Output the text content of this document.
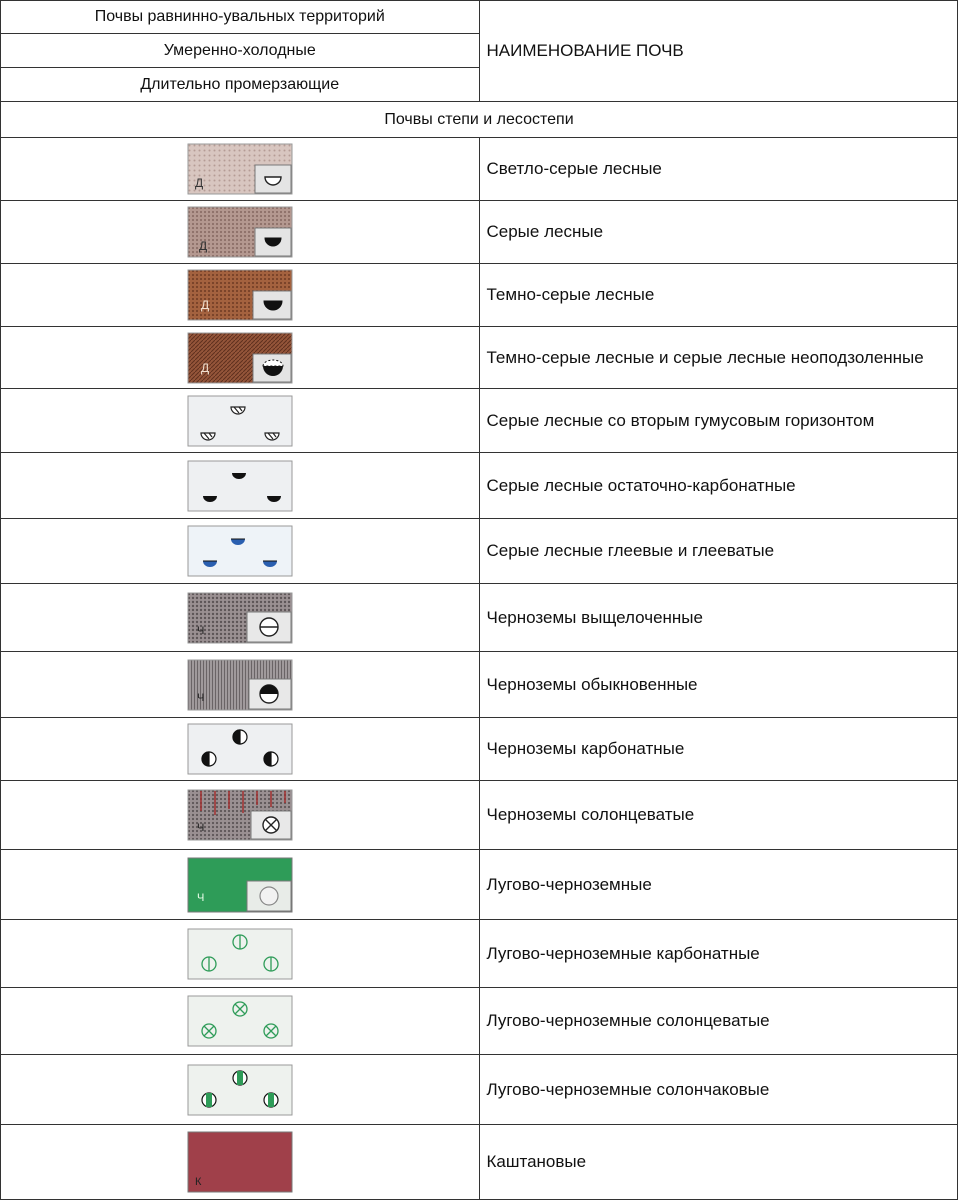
Почвы равнинно-увальных территорий	НАИМЕНОВАНИЕ ПОЧВ
Умеренно-холодные	
Длительно промерзающие	
Почвы степи и лесостепи	

Д	Светло-серые лесные

Д	Серые лесные

Д	Темно-серые лесные

Д	Темно-серые лесные и серые лесные неоподзоленные

	Серые лесные со вторым гумусовым горизонтом

	Серые лесные остаточно-карбонатные

	Серые лесные глеевые и глееватые

Ч	Черноземы выщелоченные

Ч	Черноземы обыкновенные

	Черноземы карбонатные

Ч	Черноземы солонцеватые

Ч	Лугово-черноземные

	Лугово-черноземные карбонатные

	Лугово-черноземные солонцеватые

	Лугово-черноземные солончаковые

К	Каштановые
